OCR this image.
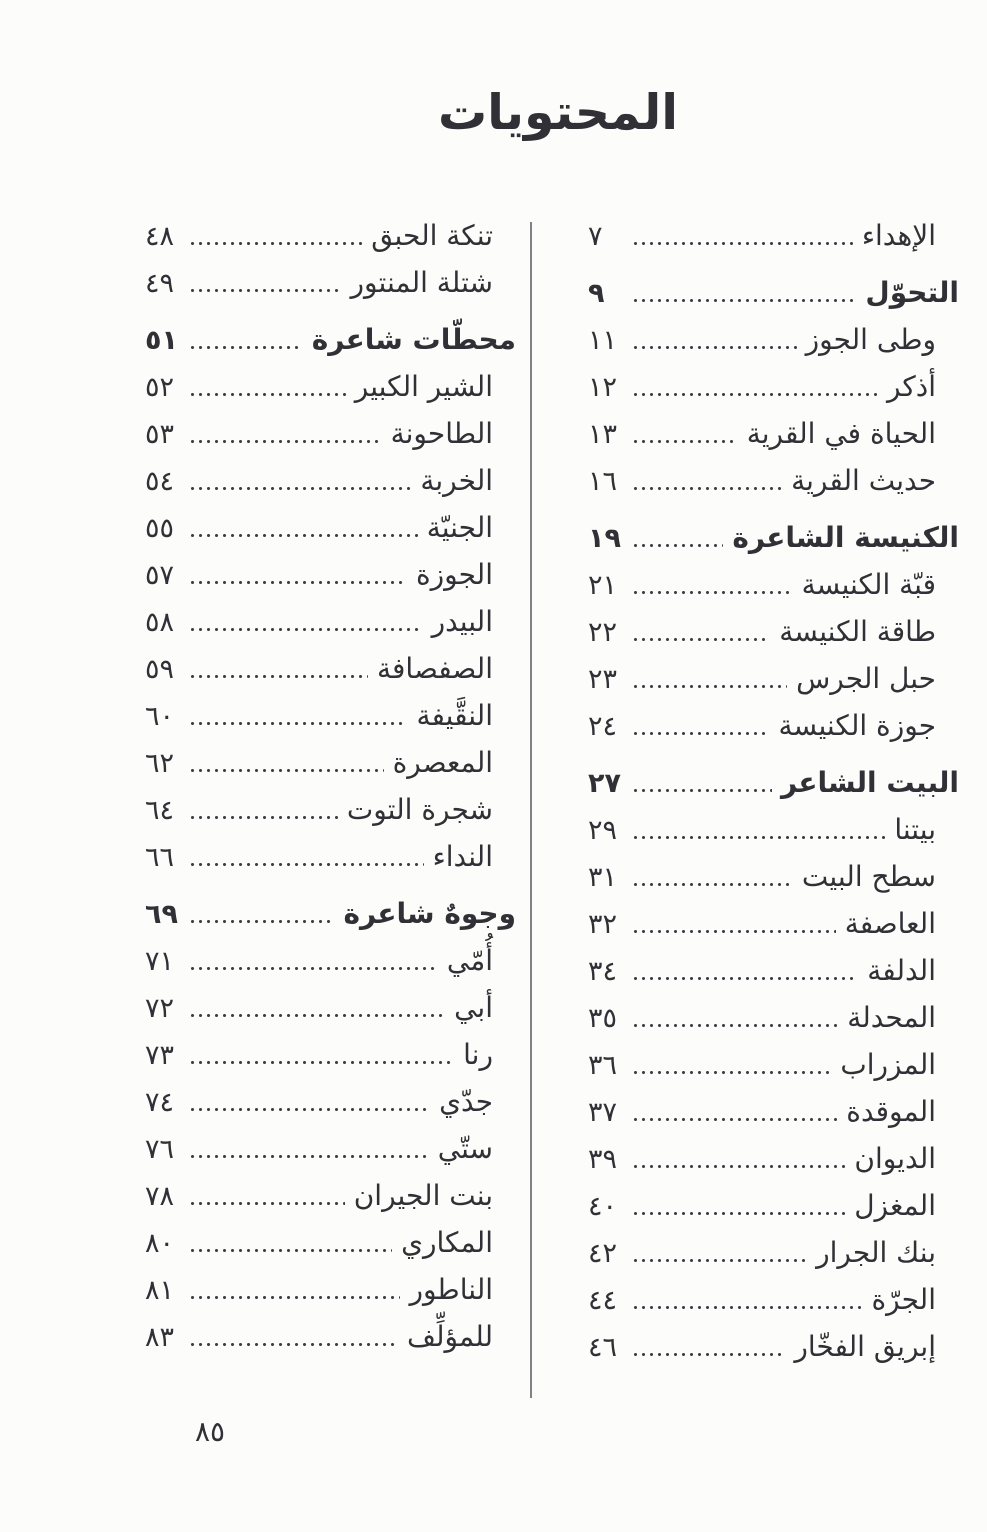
المحتويات
الإهداء
٧
التحوّل
٩
وطى الجوز
١١
أذكر
١٢
الحياة في القرية
١٣
حديث القرية
١٦
الكنيسة الشاعرة
١٩
قبّة الكنيسة
٢١
طاقة الكنيسة
٢٢
حبل الجرس
٢٣
جوزة الكنيسة
٢٤
البيت الشاعر
٢٧
بيتنا
٢٩
سطح البيت
٣١
العاصفة
٣٢
الدلفة
٣٤
المحدلة
٣٥
المزراب
٣٦
الموقدة
٣٧
الديوان
٣٩
المغزل
٤٠
بنك الجرار
٤٢
الجرّة
٤٤
إبريق الفخّار
٤٦
تنكة الحبق
٤٨
شتلة المنتور
٤٩
محطّات شاعرة
٥١
الشير الكبير
٥٢
الطاحونة
٥٣
الخربة
٥٤
الجنيّة
٥٥
الجوزة
٥٧
البيدر
٥٨
الصفصافة
٥٩
النقَّيفة
٦٠
المعصرة
٦٢
شجرة التوت
٦٤
النداء
٦٦
وجوهٌ شاعرة
٦٩
أُمّي
٧١
أبي
٧٢
رنا
٧٣
جدّي
٧٤
ستّي
٧٦
بنت الجيران
٧٨
المكاري
٨٠
الناطور
٨١
للمؤلِّف
٨٣
٨٥
